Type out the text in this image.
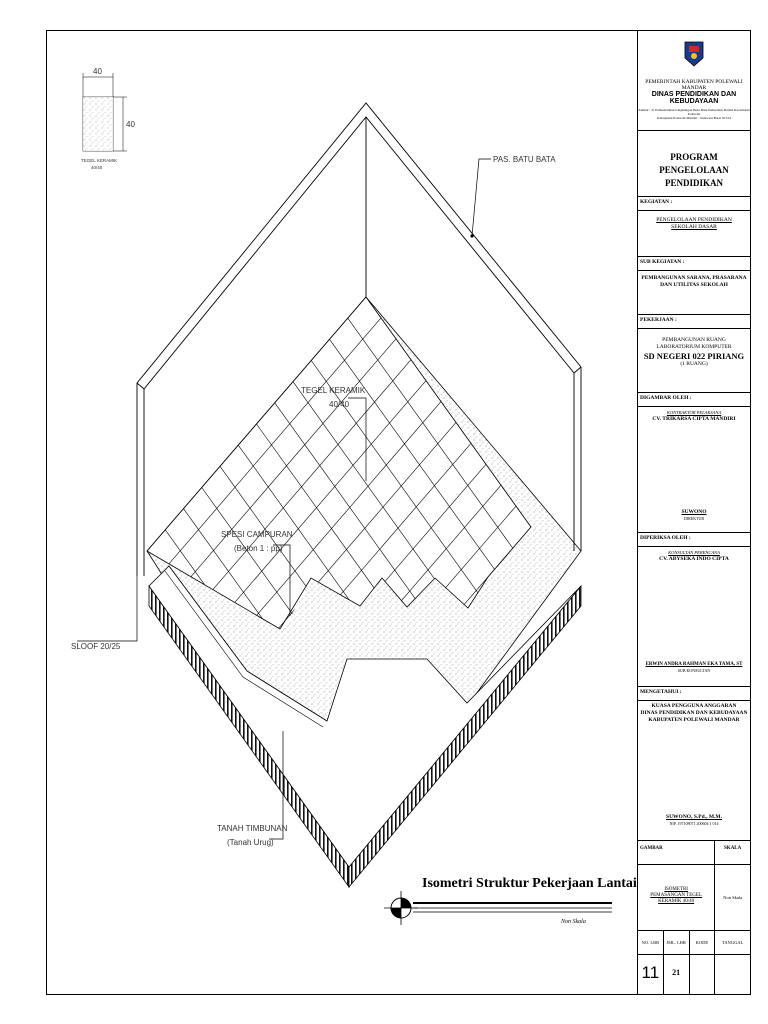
40
40
TEGEL KERAMIK
40/40
PAS. BATU BATA
TEGEL KERAMIK
40/40
SPESI CAMPURAN
(Beton 1 : pp)
SLOOF 20/25
TANAH TIMBUNAN
(Tanah Urug)
Isometri Struktur Pekerjaan Lantai
Non Skala
PEMERINTAH KABUPATEN POLEWALI MANDAR
DINAS PENDIDIKAN DAN KEBUDAYAAN
Alamat : Jl. Pemerintahan Lingkungan Batu Batu Kelurahan Darma Kecamatan Polewali
Kabupaten Polewali Mandar - Sulawesi Barat 91314
PROGRAM PENGELOLAAN PENDIDIKAN
KEGIATAN :
PENGELOLAAN PENDIDIKAN SEKOLAH DASAR
SUB KEGIATAN :
PEMBANGUNAN SARANA, PRASARANA DAN UTILITAS SEKOLAH
PEKERJAAN :
PEMBANGUNAN RUANG
LABORATORIUM KOMPUTER
SD NEGERI 022 PIRIANG
(1 RUANG)
DIGAMBAR OLEH :
KONTRAKTOR PELAKSANA
CV. TRIKARSA CIPTA MANDIRI
SUWONO
DIREKTUR
DIPERIKSA OLEH :
KONSULTAN PERENCANA
CV. ABYSEKA INDO CIPTA
ERWIN ANDRA RAHMAN EKA TAMA, ST
SUB KONSULTAN
MENGETAHUI :
KUASA PENGGUNA ANGGARAN
DINAS PENDIDIKAN DAN KEBUDAYAAN
KABUPATEN POLEWALI MANDAR
SUWONO, S.Pd., M.M.
NIP. 197108071 200604 1 014
GAMBAR	SKALA
ISOMETRI
PEMASANGAN TEGEL
KERAMIK 40/40
Non Skala
NO. LBR	JML. LBR	KODE	TANGGAL
11	21
